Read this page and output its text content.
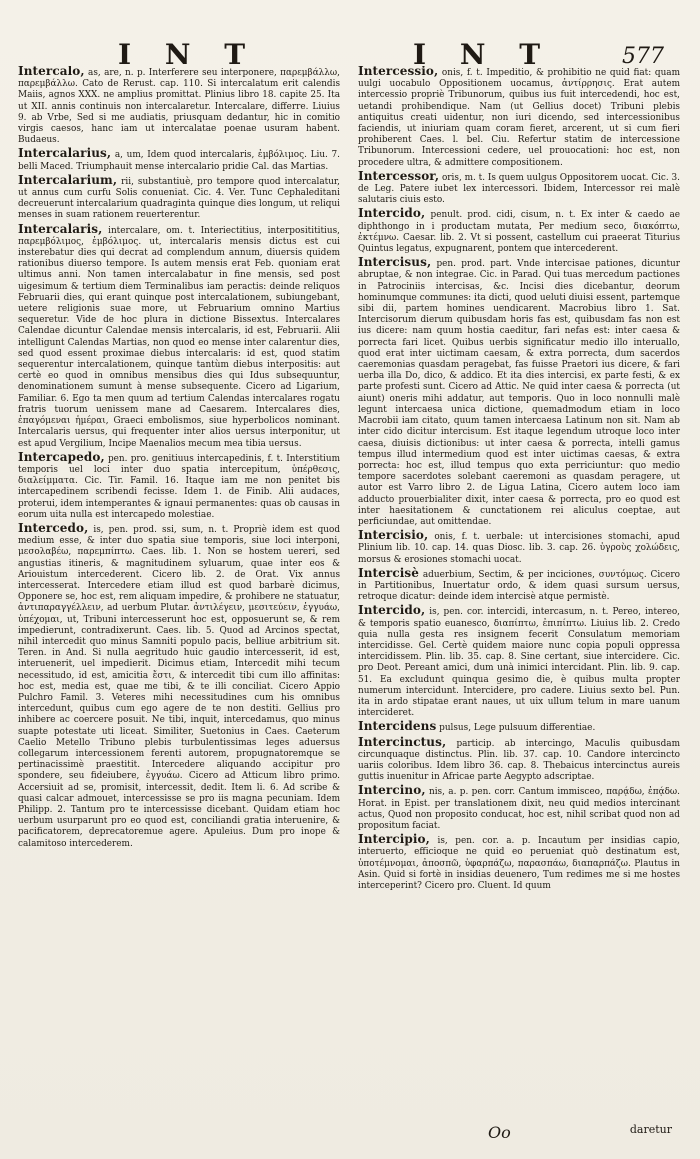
I N T	I N T	577

Intercalo, as, are, n. p. Interferere seu interponere, παρεμβάλλω, παρεμβάλλω. Cato de Rerust. cap. 110. Si intercalatum erit calendis Maiis, agnos XXX. ne amplius promittat. Plinius libro 18. capite 25. Ita ut XII. annis continuis non intercalaretur. Intercalare, differre. Liuius 9. ab Vrbe, Sed si me audiatis, priusquam dedantur, hic in comitio virgis caesos, hanc iam ut intercalatae poenae usuram habent. Budaeus.

Intercalarius, a, um, Idem quod intercalaris, ἐμβόλιμος. Liu. 7. belli Maced. Triumphauit mense intercalario pridie Cal. das Martias.

Intercalarium, rii, substantiuè, pro tempore quod intercalatur, ut annus cum curfu Solis conueniat. Cic. 4. Ver. Tunc Cephaleditani decreuerunt intercalarium quadraginta quinque dies longum, ut reliqui menses in suam rationem reuerterentur.

Intercalaris, intercalare, om. t. Interiectitius, interpositititius, παρεμβόλιμος, ἐμβόλιμος. ut, intercalaris mensis dictus est cui insterebatur dies qui decrat ad complendum annum, diuersis quidem rationibus diuerso tempore. Is autem mensis erat Feb. quoniam erat ultimus anni. Non tamen intercalabatur in fine mensis, sed post uigesimum & tertium diem Terminalibus iam peractis: deinde reliquos Februarii dies, qui erant quinque post intercalationem, subiungebant, uetere religionis suae more, ut Februarium omnino Martius sequeretur. Vide de hoc plura in dictione Bissextus. Intercalares Calendae dicuntur Calendae mensis intercalaris, id est, Februarii. Alii intelligunt Calendas Martias, non quod eo mense inter calarentur dies, sed quod essent proximae diebus intercalaris: id est, quod statim sequerentur intercalationem, quinque tantùm diebus interpositis: aut certè eo quod in omnibus mensibus dies qui Idus subsequuntur, denominationem sumunt à mense subsequente. Cicero ad Ligarium, Familiar. 6. Ego ta men quum ad tertium Calendas intercalares rogatu fratris tuorum uenissem mane ad Caesarem. Intercalares dies, ἐπαγόμεναι ἡμέραι, Graeci embolismos, siue hyperbolicos nominant. Intercalaris uersus, qui frequenter inter alios uersus interponitur, ut est apud Vergilium, Incipe Maenalios mecum mea tibia uersus.

Intercapedo, pen. pro. genitiuus intercapedinis, f. t. Interstitium temporis uel loci inter duo spatia intercepitum, ὑπέρθεσις, διαλείμματα. Cic. Tir. Famil. 16. Itaque iam me non penitet bis intercapedinem scribendi fecisse. Idem 1. de Finib. Alii audaces, proterui, idem intemperantes & ignaui permanentes: quas ob causas in eorum uita nulla est intercapedo molestiae.

Intercedo, is, pen. prod. ssi, sum, n. t. Propriè idem est quod medium esse, & inter duo spatia siue temporis, siue loci interponi, μεσολαβέω, παρεμπίπτω. Caes. lib. 1. Non se hostem uereri, sed angustias itineris, & magnitudinem syluarum, quae inter eos & Ariouistum intercederent. Cicero lib. 2. de Orat. Vix annus intercesserat. Intercedere etiam illud est quod barbarè dicimus, Opponere se, hoc est, rem aliquam impedire, & prohibere ne statuatur, ἀντιπαραγγέλλειν, ad uerbum Plutar. ἀντιλέγειν, μεσιτεύειν, ἐγγυάω, ὑπέχομαι, ut, Tribuni intercesserunt hoc est, opposuerunt se, & rem impedierunt, contradixerunt. Caes. lib. 5. Quod ad Arcinos spectat, nihil intercedit quo minus Samniti populo pacis, belliue arbitrium sit. Teren. in And. Si nulla aegritudo huic gaudio intercesserit, id est, interuenerit, uel impedierit. Dicimus etiam, Intercedit mihi tecum necessitudo, id est, amicitia ἔστι, & intercedit tibi cum illo affinitas: hoc est, media est, quae me tibi, & te illi conciliat. Cicero Appio Pulchro Famil. 3. Veteres mihi necessitudines cum his omnibus intercedunt, quibus cum ego agere de te non destiti. Gellius pro inhibere ac coercere posuit. Ne tibi, inquit, intercedamus, quo minus suapte potestate uti liceat. Similiter, Suetonius in Caes. Caeterum Caelio Metello Tribuno plebis turbulentissimas leges aduersus collegarum intercessionem ferenti autorem, propugnatoremque se pertinacissimè praestitit. Intercedere aliquando accipitur pro spondere, seu fideiubere, ἐγγυάω. Cicero ad Atticum libro primo. Accersiuit ad se, promisit, intercessit, dedit. Item li. 6. Ad scribe & quasi calcar admouet, intercessisse se pro iis magna pecuniam. Idem Philipp. 2. Tantum pro te intercessisse dicebant. Quidam etiam hoc uerbum usurparunt pro eo quod est, conciliandi gratia interuenire, & pacificatorem, deprecatoremue agere. Apuleius. Dum pro inope & calamitoso intercederem.

Intercessio, onis, f. t. Impeditio, & prohibitio ne quid fiat: quam uulgi uocabulo Oppositionem uocamus, ἀντίρρησις. Erat autem intercessio propriè Tribunorum, quibus ius fuit intercedendi, hoc est, uetandi prohibendique. Nam (ut Gellius docet) Tribuni plebis antiquitus creati uidentur, non iuri dicendo, sed intercessionibus faciendis, ut iniuriam quam coram fieret, arcerent, ut si cum fieri prohiberent Caes. l. bel. Ciu. Refertur statim de intercessione Tribunorum. Intercessioni cedere, uel prouocationi: hoc est, non procedere ultra, & admittere compositionem.

Intercessor, oris, m. t. Is quem uulgus Oppositorem uocat. Cic. 3. de Leg. Patere iubet lex intercessori. Ibidem, Intercessor rei malè salutaris ciuis esto.

Intercido, penult. prod. cidi, cisum, n. t. Ex inter & caedo ae diphthongo in i productam mutata, Per medium seco, διακόπτω, ἐκτέμνω. Caesar. lib. 2. Vt si possent, castellum cui praeerat Titurius Quintus legatus, expugnarent, pontem que intercederent.

Intercisus, pen. prod. part. Vnde intercisae pationes, dicuntur abruptae, & non integrae. Cic. in Parad. Qui tuas mercedum pactiones in Patrociniis intercisas, &c. Incisi dies dicebantur, deorum hominumque communes: ita dicti, quod ueluti diuisi essent, partemque sibi dii, partem homines uendicarent. Macrobius libro 1. Sat. Intercisorum dierum quibusdam horis fas est, quibusdam fas non est ius dicere: nam quum hostia caeditur, fari nefas est: inter caesa & porrecta fari licet. Quibus uerbis significatur medio illo interuallo, quod erat inter uictimam caesam, & extra porrecta, dum sacerdos caeremonias quasdam peragebat, fas fuisse Praetori ius dicere, & fari uerba illa Do, dico, & addico. Et ita dies intercisi, ex parte festi, & ex parte profesti sunt. Cicero ad Attic. Ne quid inter caesa & porrecta (ut aiunt) oneris mihi addatur, aut temporis. Quo in loco nonnulli malè legunt intercaesa unica dictione, quemadmodum etiam in loco Macrobii iam citato, quum tamen intercaesa Latinum non sit. Nam ab inter cido dicitur intercisum. Est itaque legendum utroque loco inter caesa, diuisis dictionibus: ut inter caesa & porrecta, intelli gamus tempus illud intermedium quod est inter uictimas caesas, & extra porrecta: hoc est, illud tempus quo exta perriciuntur: quo medio tempore sacerdotes solebant caeremoni as quasdam peragere, ut autor est Varro libro 2. de Ligua Latina, Cicero autem loco iam adducto prouerbialiter dixit, inter caesa & porrecta, pro eo quod est inter haesitationem & cunctationem rei aliculus coeptae, aut perficiundae, aut omittendae.

Intercisio, onis, f. t. uerbale: ut intercisiones stomachi, apud Plinium lib. 10. cap. 14. quas Diosc. lib. 3. cap. 26. ὑγροὺς χολώδεις, morsus & erosiones stomachi uocat.

Intercisè aduerbium, Sectim, & per inciciones, συντόμως. Cicero in Partitionibus, Inuertatur ordo, & idem quasi sursum uersus, retroque dicatur: deinde idem intercisè atque permistè.

Intercido, is, pen. cor. intercidi, intercasum, n. t. Pereo, intereo, & temporis spatio euanesco, διαπίπτω, ἐπιπίπτω. Liuius lib. 2. Credo quia nulla gesta res insignem fecerit Consulatum memoriam intercidisse. Gel. Certè quidem maiore nunc copia populi oppressa intercidissem. Plin. lib. 35. cap. 8. Sine certant, siue intercidere. Cic. pro Deot. Pereant amici, dum unà inimici intercidant. Plin. lib. 9. cap. 51. Ea excludunt quinqua gesimo die, è quibus multa propter numerum intercidunt. Intercidere, pro cadere. Liuius sexto bel. Pun. ita in ardo stipatae erant naues, ut uix ullum telum in mare uanum intercideret.

Intercidens pulsus, Lege pulsuum differentiae.

Intercinctus, particip. ab intercingo, Maculis quibusdam circunquaque distinctus. Plin. lib. 37. cap. 10. Candore intercincto uariis coloribus. Idem libro 36. cap. 8. Thebaicus intercinctus aureis guttis inuenitur in Africae parte Aegypto adscriptae.

Intercino, nis, a. p. pen. corr. Cantum immisceo, παρᾴδω, ἐπᾴδω. Horat. in Epist. per translationem dixit, neu quid medios intercinant actus, Quod non proposito conducat, hoc est, nihil scribat quod non ad propositum faciat.

Intercipio, is, pen. cor. a. p. Incautum per insidias capio, interuerto, efficioque ne quid eo perueniat quò destinatum est, ὑποτέμνομαι, ἀποσπῶ, ὑφαρπάζω, παρασπάω, διαπαρπάζω. Plautus in Asin. Quid si fortè in insidias deuenero, Tum redimes me si me hostes interceperint? Cicero pro. Cluent. Id quum

Oo	daretur
